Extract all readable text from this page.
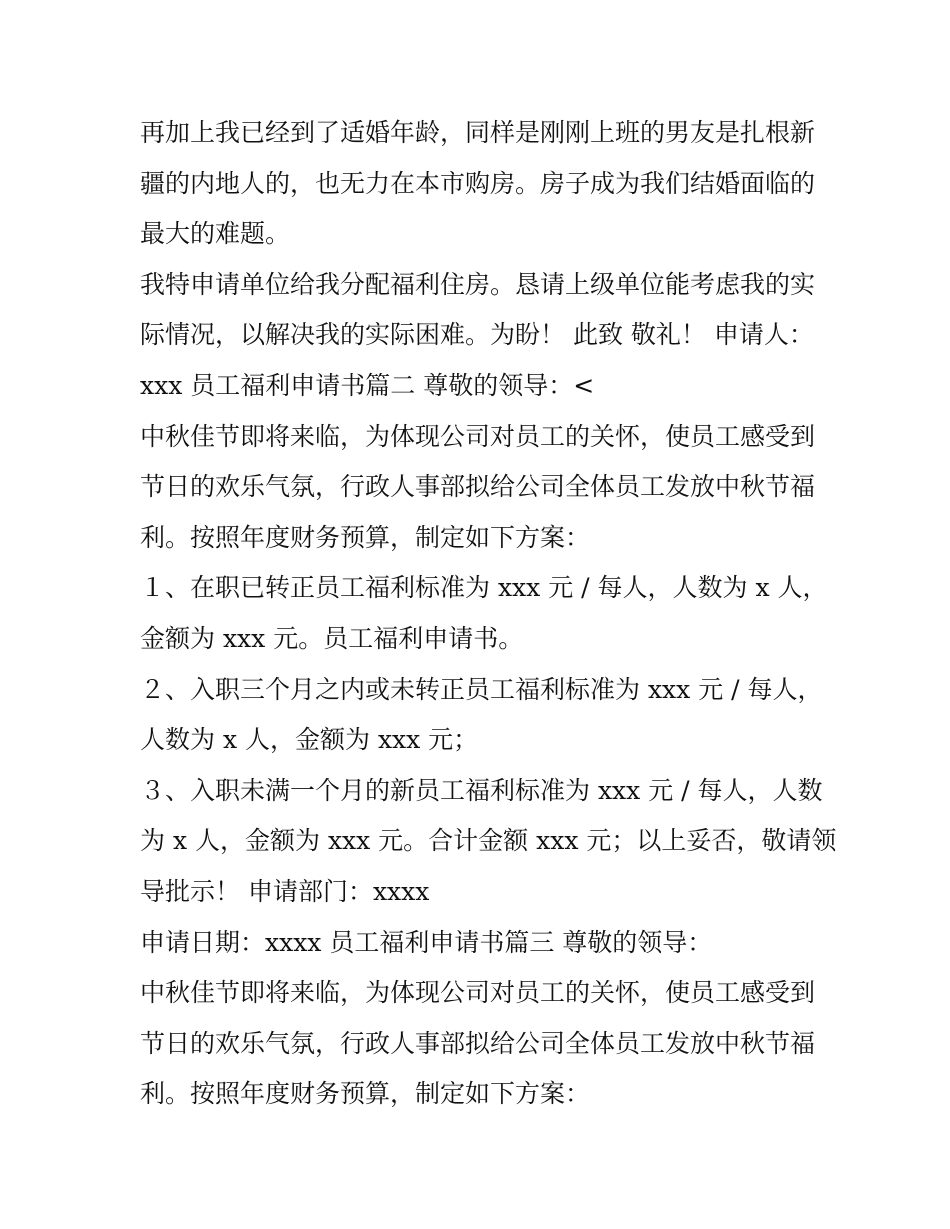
再加上我已经到了适婚年龄，同样是刚刚上班的男友是扎根新
疆的内地人的，也无力在本市购房。房子成为我们结婚面临的
最大的难题。
我特申请单位给我分配福利住房。恳请上级单位能考虑我的实
际情况，以解决我的实际困难。为盼！ 此致 敬礼！ 申请人：
xxx 员工福利申请书篇二 尊敬的领导：<
中秋佳节即将来临，为体现公司对员工的关怀，使员工感受到
节日的欢乐气氛，行政人事部拟给公司全体员工发放中秋节福
利。按照年度财务预算，制定如下方案：
１、在职已转正员工福利标准为 xxx 元 / 每人，人数为 x 人，
金额为 xxx 元。员工福利申请书。
２、入职三个月之内或未转正员工福利标准为 xxx 元 / 每人，
人数为 x 人，金额为 xxx 元；
３、入职未满一个月的新员工福利标准为 xxx 元 / 每人，人数
为 x 人，金额为 xxx 元。合计金额 xxx 元；以上妥否，敬请领
导批示！ 申请部门：xxxx
申请日期：xxxx 员工福利申请书篇三 尊敬的领导：
中秋佳节即将来临，为体现公司对员工的关怀，使员工感受到
节日的欢乐气氛，行政人事部拟给公司全体员工发放中秋节福
利。按照年度财务预算，制定如下方案：
